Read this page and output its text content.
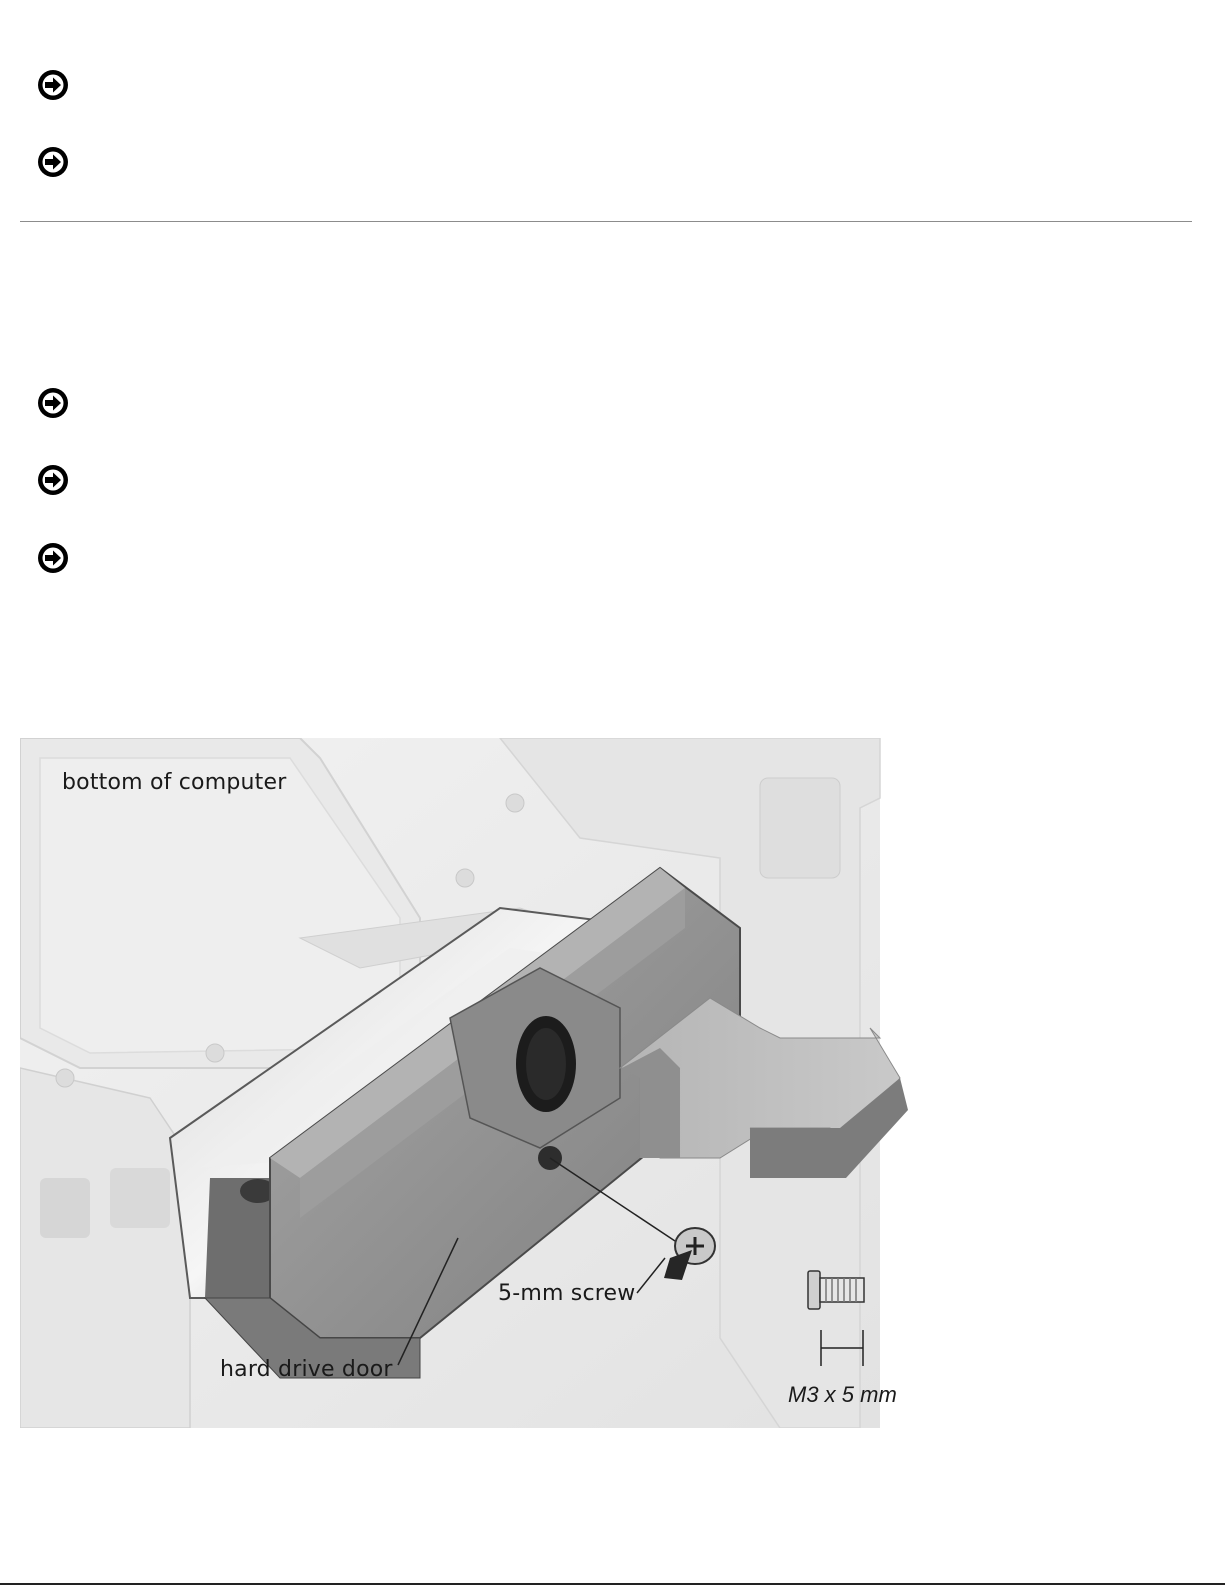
bottom of computer
5-mm screw
hard drive door
M3 x 5 mm
